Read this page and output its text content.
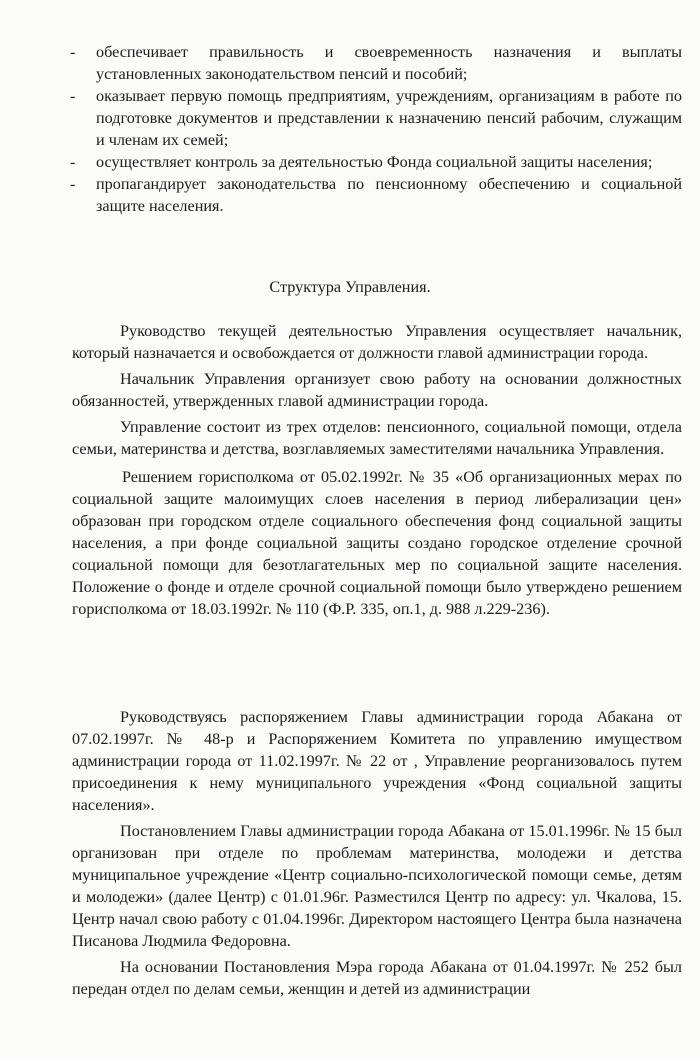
- обеспечивает правильность и своевременность назначения и выплаты установленных законодательством пенсий и пособий;
- оказывает первую помощь предприятиям, учреждениям, организациям в работе по подготовке документов и представлении к назначению пенсий рабочим, служащим и членам их семей;
- осуществляет контроль за деятельностью Фонда социальной защиты населения;
- пропагандирует законодательства по пенсионному обеспечению и социальной защите населения.
Структура Управления.

Руководство текущей деятельностью Управления осуществляет начальник, который назначается и освобождается от должности главой администрации города.

Начальник Управления организует свою работу на основании должностных обязанностей, утвержденных главой администрации города.

Управление состоит из трех отделов: пенсионного, социальной помощи, отдела семьи, материнства и детства, возглавляемых заместителями начальника Управления.

Решением горисполкома от 05.02.1992г. № 35 «Об организационных мерах по социальной защите малоимущих слоев населения в период либерализации цен» образован при городском отделе социального обеспечения фонд социальной защиты населения, а при фонде социальной защиты создано городское отделение срочной социальной помощи для безотлагательных мер по социальной защите населения. Положение о фонде и отделе срочной социальной помощи было утверждено решением горисполкома от 18.03.1992г. № 110 (Ф.Р. 335, оп.1, д. 988 л.229-236).

Руководствуясь распоряжением Главы администрации города Абакана от 07.02.1997г. № 48-р и Распоряжением Комитета по управлению имуществом администрации города от 11.02.1997г. № 22 от , Управление реорганизовалось путем присоединения к нему муниципального учреждения «Фонд социальной защиты населения».

Постановлением Главы администрации города Абакана от 15.01.1996г. № 15 был организован при отделе по проблемам материнства, молодежи и детства муниципальное учреждение «Центр социально-психологической помощи семье, детям и молодежи» (далее Центр) с 01.01.96г. Разместился Центр по адресу: ул. Чкалова, 15. Центр начал свою работу с 01.04.1996г. Директором настоящего Центра была назначена Писанова Людмила Федоровна.

На основании Постановления Мэра города Абакана от 01.04.1997г. № 252 был передан отдел по делам семьи, женщин и детей из администрации
